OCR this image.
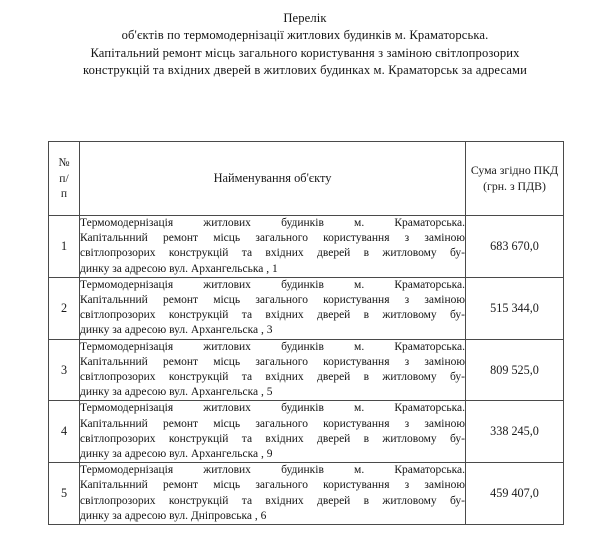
Перелік
об'єктів по термомодернізації житлових будинків м. Краматорська.
Капітальний ремонт місць загального користування з заміною світлопрозорих
конструкцій та вхідних дверей в житлових будинках м. Краматорськ за адресами
№
п/
п	Найменування об'єкту	Сума згідно ПКД
(грн. з ПДВ)

1	Термомодернізація житлових будинків м. Краматорська.
Капітальнний ремонт місць загального користування з заміною
світлопрозорих конструкцій та вхідних дверей в житловому бу-
динку за адресою вул. Архангельська , 1	683 670,0
2	Термомодернізація житлових будинків м. Краматорська.
Капітальнний ремонт місць загального користування з заміною
світлопрозорих конструкцій та вхідних дверей в житловому бу-
динку за адресою вул. Архангельска , 3	515 344,0
3	Термомодернізація житлових будинків м. Краматорська.
Капітальнний ремонт місць загального користування з заміною
світлопрозорих конструкцій та вхідних дверей в житловому бу-
динку за адресою вул. Архангельска , 5	809 525,0
4	Термомодернізація житлових будинків м. Краматорська.
Капітальнний ремонт місць загального користування з заміною
світлопрозорих конструкцій та вхідних дверей в житловому бу-
динку за адресою вул. Архангельска , 9	338 245,0
5	Термомодернізація житлових будинків м. Краматорська.
Капітальнний ремонт місць загального користування з заміною
світлопрозорих конструкцій та вхідних дверей в житловому бу-
динку за адресою вул. Дніпровська , 6	459 407,0
